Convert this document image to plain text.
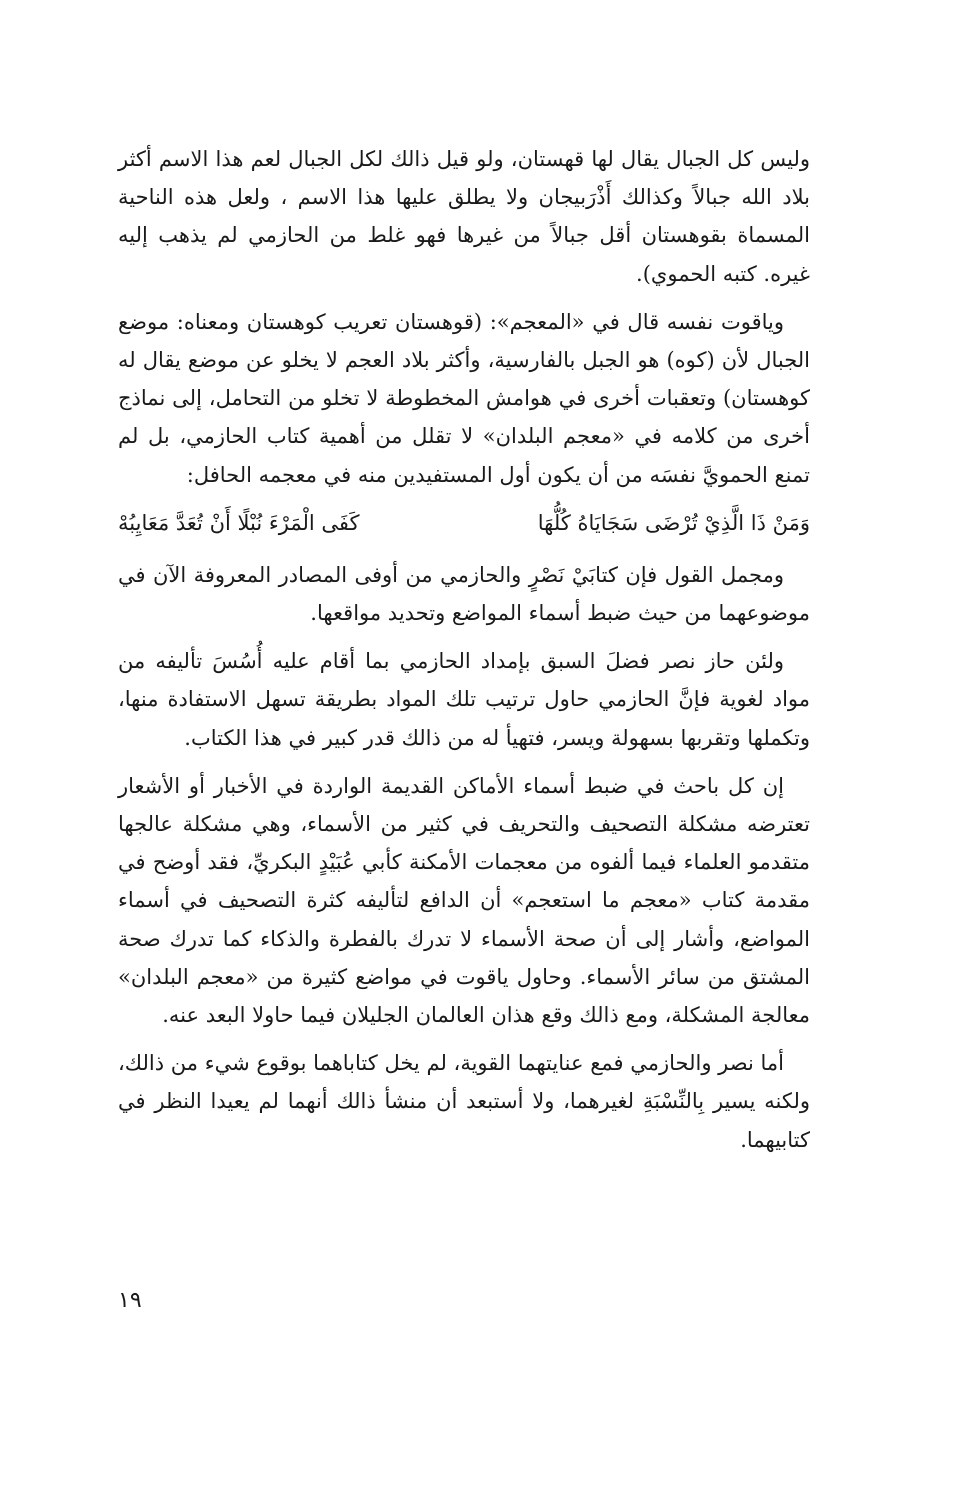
وليس كل الجبال يقال لها قهستان، ولو قيل ذالك لكل الجبال لعم هذا الاسم أكثر بلاد الله جبالاً وكذالك أَذْرَبيجان ولا يطلق عليها هذا الاسم ، ولعل هذه الناحية المسماة بقوهستان أقل جبالاً من غيرها فهو غلط من الحازمي لم يذهب إليه غيره. كتبه الحموي).

وياقوت نفسه قال في «المعجم»: (قوهستان تعريب كوهستان ومعناه: موضع الجبال لأن (كوه) هو الجبل بالفارسية، وأكثر بلاد العجم لا يخلو عن موضع يقال له كوهستان) وتعقبات أخرى في هوامش المخطوطة لا تخلو من التحامل، إلى نماذج أخرى من كلامه في «معجم البلدان» لا تقلل من أهمية كتاب الحازمي، بل لم تمنع الحمويَّ نفسَه من أن يكون أول المستفيدين منه في معجمه الحافل:

وَمَنْ ذَا الَّذِيْ تُرْضَى سَجَايَاهُ كُلُّهَا
كَفَى الْمَرْءَ نُبْلًا أَنْ تُعَدَّ مَعَايِبُهْ

ومجمل القول فإن كتابَيْ نَصْرٍ والحازمي من أوفى المصادر المعروفة الآن في موضوعهما من حيث ضبط أسماء المواضع وتحديد مواقعها.

ولئن حاز نصر فضلَ السبق بإمداد الحازمي بما أقام عليه أُسُسَ تأليفه من مواد لغوية فإنَّ الحازمي حاول ترتيب تلك المواد بطريقة تسهل الاستفادة منها، وتكملها وتقربها بسهولة ويسر، فتهيأ له من ذالك قدر كبير في هذا الكتاب.

إن كل باحث في ضبط أسماء الأماكن القديمة الواردة في الأخبار أو الأشعار تعترضه مشكلة التصحيف والتحريف في كثير من الأسماء، وهي مشكلة عالجها متقدمو العلماء فيما ألفوه من معجمات الأمكنة كأبي عُبَيْدٍ البكريِّ، فقد أوضح في مقدمة كتاب «معجم ما استعجم» أن الدافع لتأليفه كثرة التصحيف في أسماء المواضع، وأشار إلى أن صحة الأسماء لا تدرك بالفطرة والذكاء كما تدرك صحة المشتق من سائر الأسماء. وحاول ياقوت في مواضع كثيرة من «معجم البلدان» معالجة المشكلة، ومع ذالك وقع هذان العالمان الجليلان فيما حاولا البعد عنه.

أما نصر والحازمي فمع عنايتهما القوية، لم يخل كتاباهما بوقوع شيء من ذالك، ولكنه يسير بِالنِّسْبَةِ لغيرهما، ولا أستبعد أن منشأ ذالك أنهما لم يعيدا النظر في كتابيهما.

١٩
